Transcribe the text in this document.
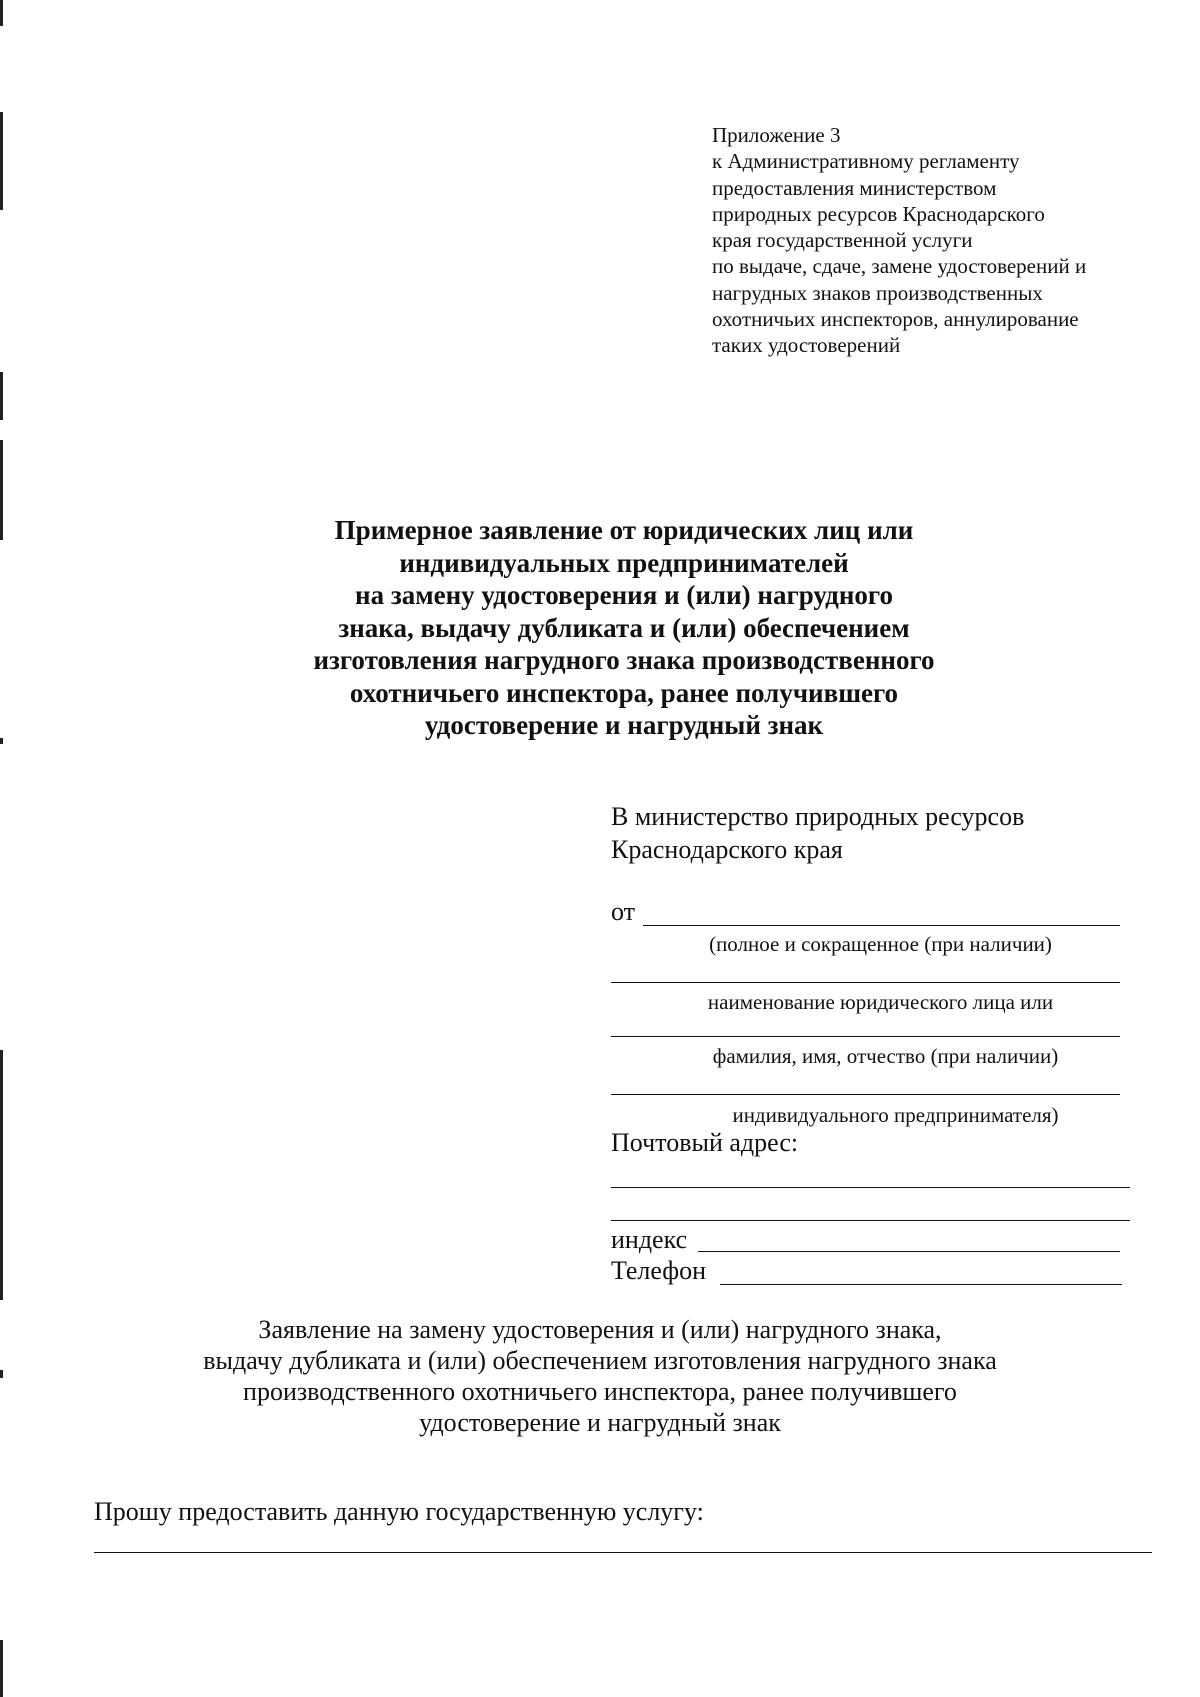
Приложение 3
к Административному регламенту
предоставления министерством
природных ресурсов Краснодарского
края государственной услуги
по выдаче, сдаче, замене удостоверений и
нагрудных знаков производственных
охотничьих инспекторов, аннулирование
таких удостоверений
Примерное заявление от юридических лиц или
индивидуальных предпринимателей
на замену удостоверения и (или) нагрудного
знака, выдачу дубликата и (или) обеспечением
изготовления нагрудного знака производственного
охотничьего инспектора, ранее получившего
удостоверение и нагрудный знак
В министерство природных ресурсов
Краснодарского края
от
(полное и сокращенное (при наличии)
наименование юридического лица или
фамилия, имя, отчество (при наличии)
индивидуального предпринимателя)
Почтовый адрес:
индекс
Телефон
Заявление на замену удостоверения и (или) нагрудного знака,
выдачу дубликата и (или) обеспечением изготовления нагрудного знака
производственного охотничьего инспектора, ранее получившего
удостоверение и нагрудный знак
Прошу предоставить данную государственную услугу:
